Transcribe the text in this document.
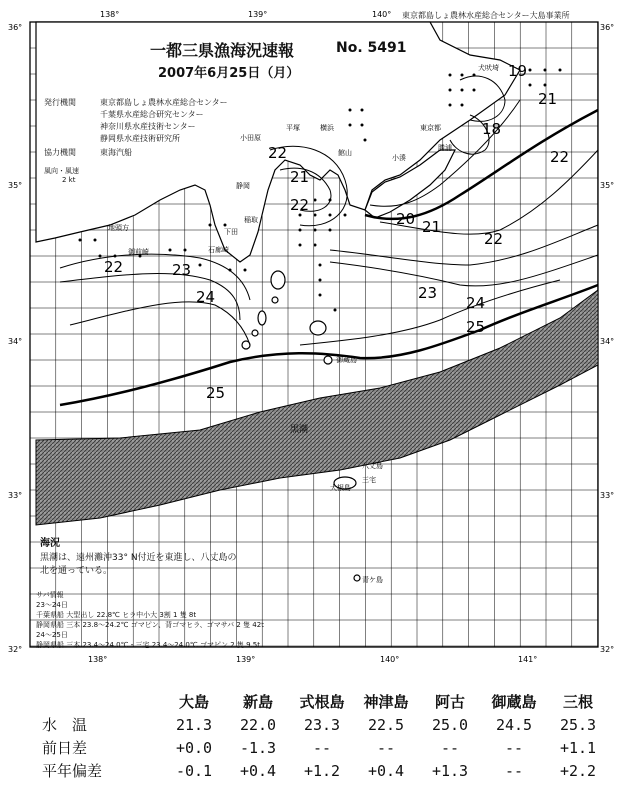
138°	139°	140°
138°	139°	140°	141°
36°
35°
34°
33°
32°
36°
35°
34°
33°
32°
19
21
18
22
21
22
20 21
22
22
22	23
24	23
24
25
25
犬吠埼
東京都
平塚	横浜
小田原
勝浦
静岡
地頭方
御前崎	石廊崎
下田
稲取
御蔵島
八丈島
大根島
三宅
青ケ島
黒潮
小湊
館山
一都三県漁海況速報	No. 5491
2007年6月25日（月）
東京都島しょ農林水産総合センター大島事業所
発行機関	東京都島しょ農林水産総合センター
千葉県水産総合研究センター
神奈川県水産技術センター
静岡県水産技術研究所
協力機関	東海汽船
風向・風速
2 kt
海況
黒潮は、遠州灘沖33° N付近を東進し、八丈島の
北を通っている。
サバ情報
23～24日
千葉県船 大型出し 22.8℃ ヒラ中小大 3割 1 隻 8t
静岡県船 三本 23.8～24.2℃ ゴマピン、背ゴマヒラ、ゴマサバ 2 隻 42t
24～25日
静岡県船 三本 23.4～24.0℃・三宅 23.4～24.0℃ ゴマピン 2 隻 9.5t
	大島	新島	式根島	神津島	阿古	御蔵島	三根
水　温	21.3	22.0	23.3	22.5	25.0	24.5	25.3
前日差	+0.0	-1.3	--	--	--	--	+1.1
平年偏差	-0.1	+0.4	+1.2	+0.4	+1.3	--	+2.2
